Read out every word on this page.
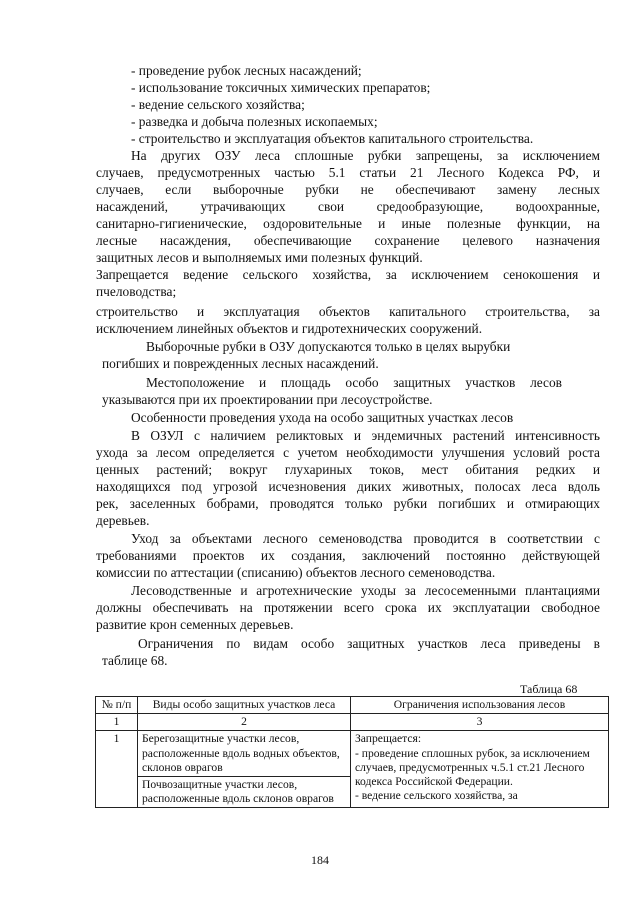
- проведение рубок лесных насаждений;
- использование токсичных химических препаратов;
- ведение сельского хозяйства;
- разведка и добыча полезных ископаемых;
- строительство и эксплуатация объектов капитального строительства.
На других ОЗУ леса сплошные рубки запрещены, за исключением
случаев, предусмотренных частью 5.1 статьи 21 Лесного Кодекса РФ, и
случаев, если выборочные рубки не обеспечивают замену лесных
насаждений, утрачивающих свои средообразующие, водоохранные,
санитарно-гигиенические, оздоровительные и иные полезные функции, на
лесные насаждения, обеспечивающие сохранение целевого назначения
защитных лесов и выполняемых ими полезных функций.
Запрещается ведение сельского хозяйства, за исключением сенокошения и
пчеловодства;
строительство и эксплуатация объектов капитального строительства, за
исключением линейных объектов и гидротехнических сооружений.
Выборочные рубки в ОЗУ допускаются только в целях вырубки
погибших и поврежденных лесных насаждений.
Местоположение и площадь особо защитных участков лесов
указываются при их проектировании при лесоустройстве.
Особенности проведения ухода на особо защитных участках лесов
В ОЗУЛ с наличием реликтовых и эндемичных растений интенсивность
ухода за лесом определяется с учетом необходимости улучшения условий роста
ценных растений; вокруг глухариных токов, мест обитания редких и
находящихся под угрозой исчезновения диких животных, полосах леса вдоль
рек, заселенных бобрами, проводятся только рубки погибших и отмирающих
деревьев.
Уход за объектами лесного семеноводства проводится в соответствии с
требованиями проектов их создания, заключений постоянно действующей
комиссии по аттестации (списанию) объектов лесного семеноводства.
Лесоводственные и агротехнические уходы за лесосеменными плантациями
должны обеспечивать на протяжении всего срока их эксплуатации свободное
развитие крон семенных деревьев.
Ограничения по видам особо защитных участков леса приведены в
таблице 68.
Таблица 68
№ п/п	Виды особо защитных участков леса	Ограничения использования лесов
1	2	3
1	Берегозащитные участки лесов, расположенные вдоль водных объектов, склонов оврагов	Запрещается:
- проведение сплошных рубок, за исключением случаев, предусмотренных ч.5.1 ст.21 Лесного кодекса Российской Федерации.
- ведение сельского хозяйства, за

	Почвозащитные участки лесов, расположенные вдоль склонов оврагов	
184
